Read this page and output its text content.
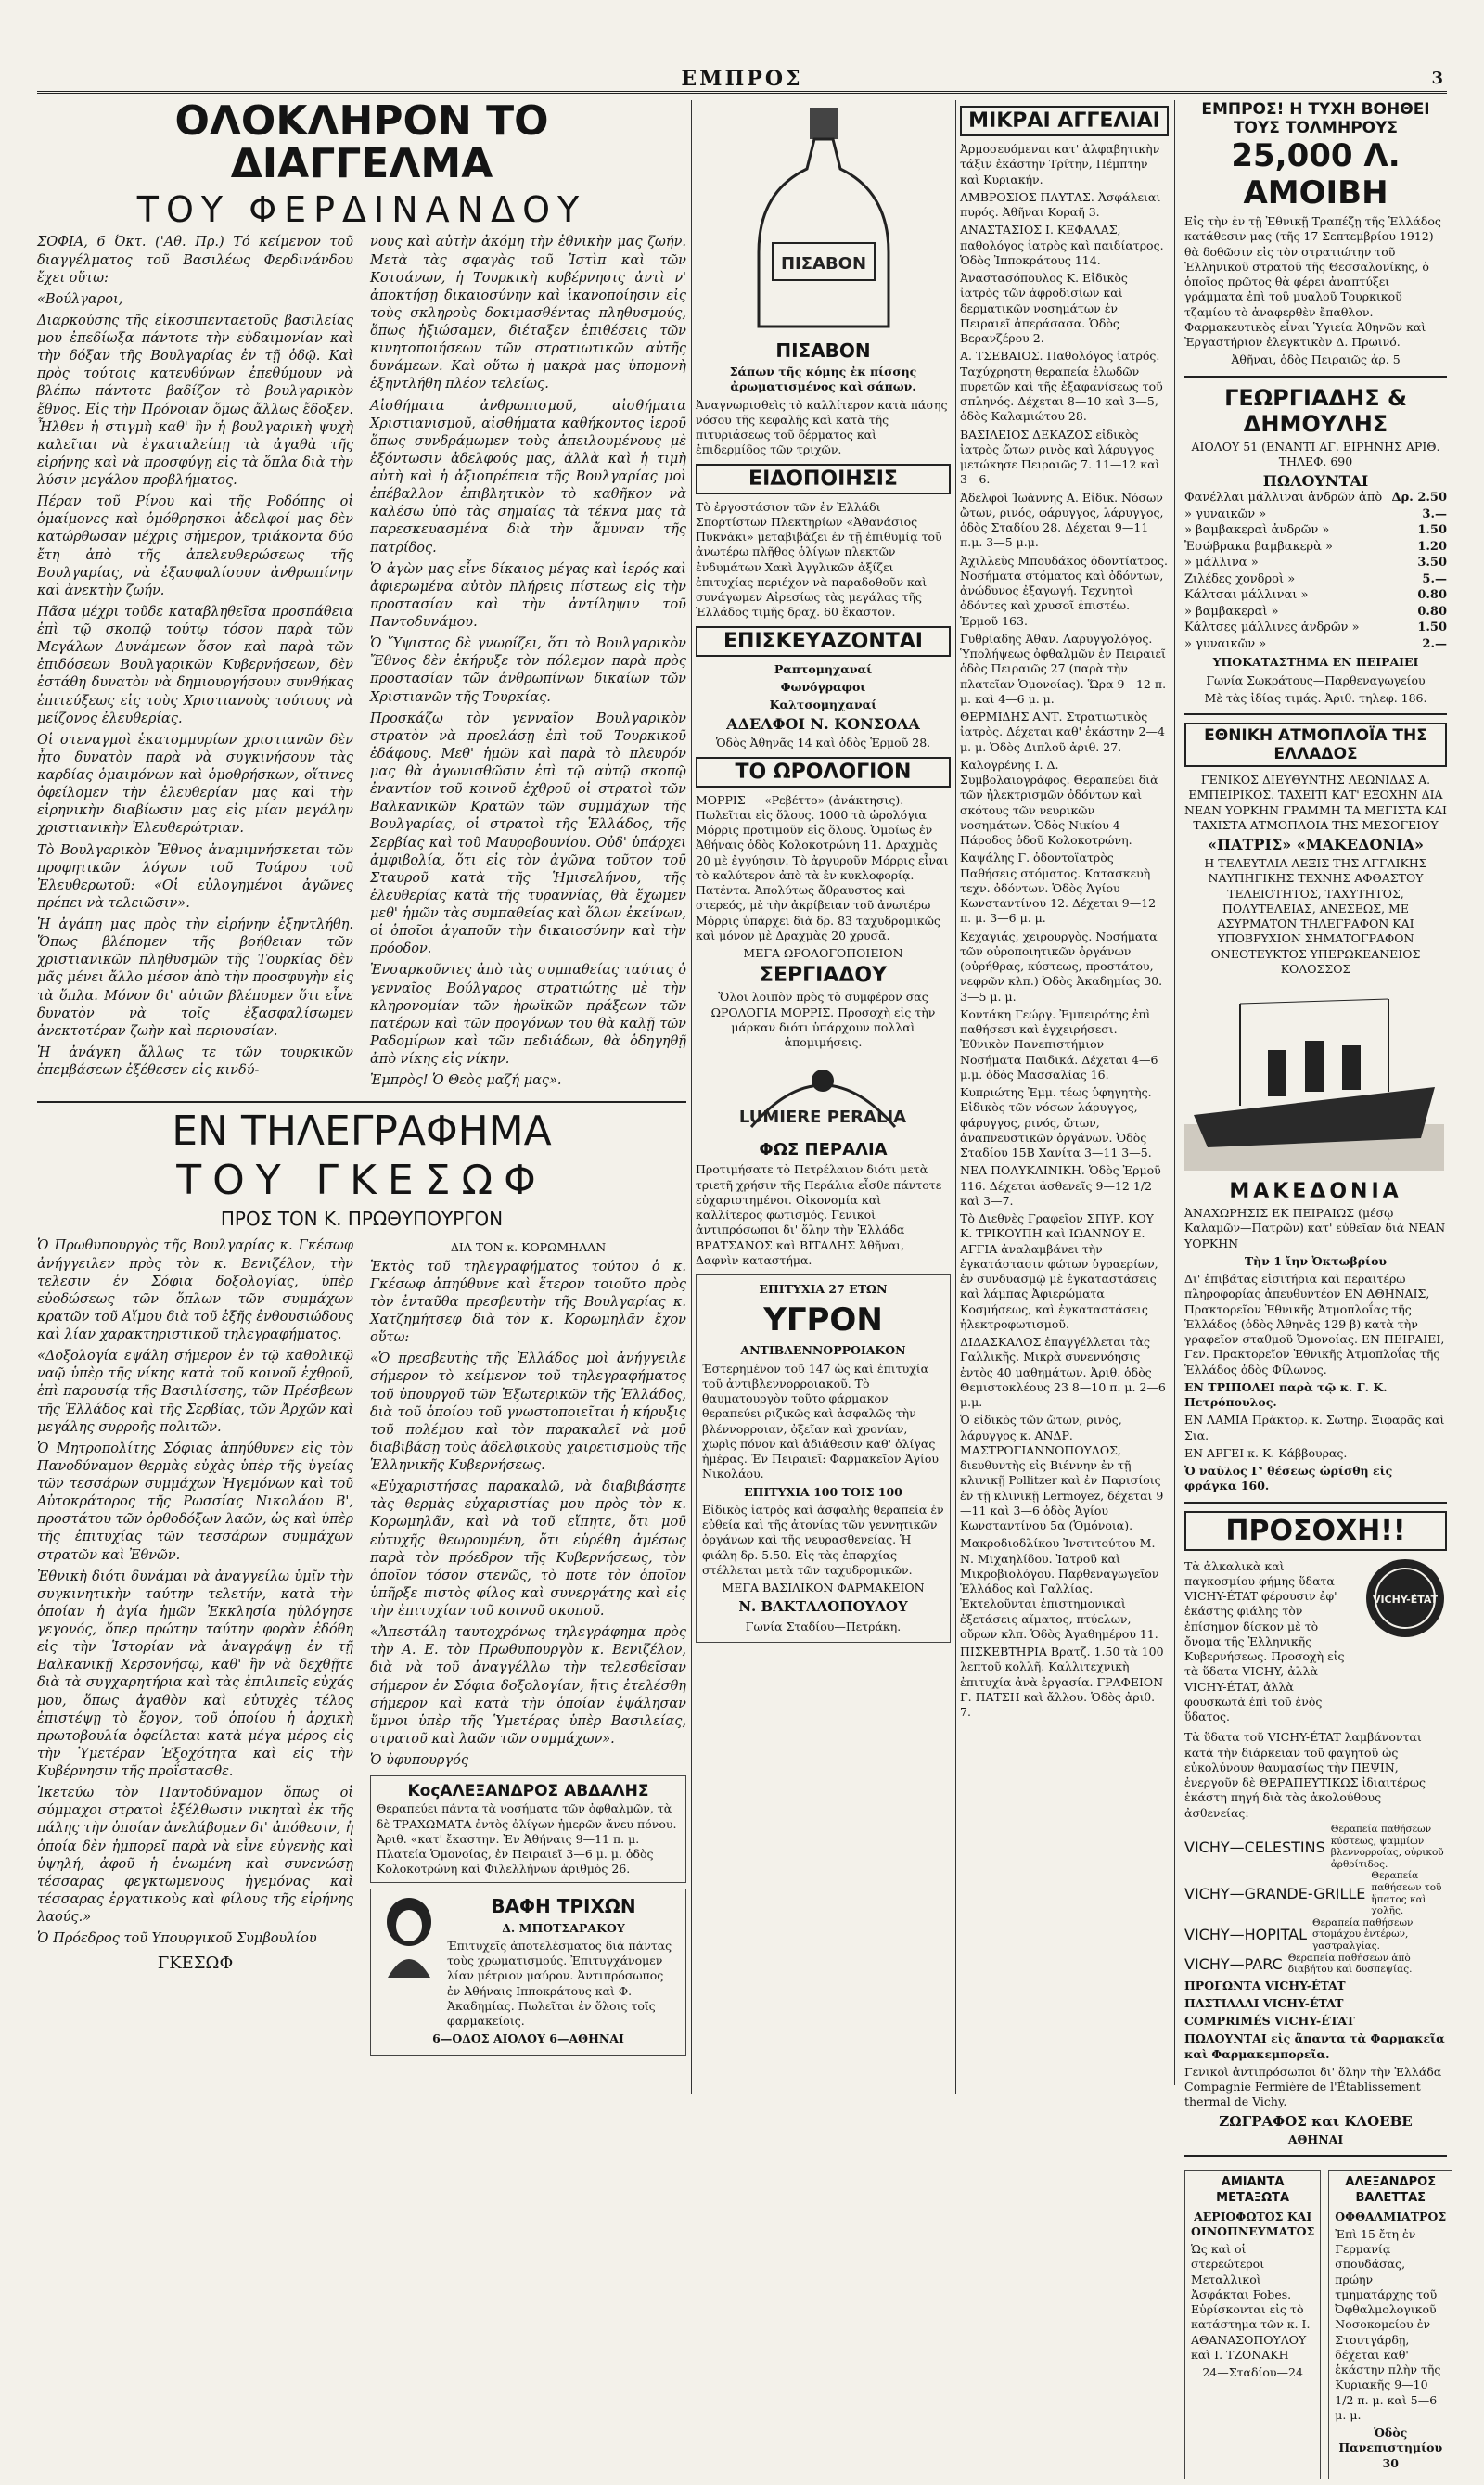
ΕΜΠΡΟΣ	3
ΟΛΟΚΛΗΡΟΝ ΤΟ ΔΙΑΓΓΕΛΜΑ
ΤΟΥ ΦΕΡΔΙΝΑΝΔΟΥ

ΣΟΦΙΑ, 6 Όκτ. ('Αθ. Πρ.) Τό κείμενον τοῦ διαγγέλματος τοῦ Βασιλέως Φερδινάνδου ἔχει οὕτω:

«Βούλγαροι,

Διαρκούσης τῆς εἰκοσιπενταετοῦς βασιλείας μου ἐπεδίωξα πάντοτε τὴν εὐδαιμονίαν καὶ τὴν δόξαν τῆς Βουλγαρίας ἐν τῇ ὁδῷ. Καὶ πρὸς τούτοις κατευθύνων ἐπεθύμουν νὰ βλέπω πάντοτε βαδίζον τὸ βουλγαρικὸν ἔθνος. Εἰς τὴν Πρόνοιαν ὅμως ἄλλως ἔδοξεν. Ἦλθεν ἡ στιγμὴ καθ' ἣν ἡ βουλγαρικὴ ψυχὴ καλεῖται νὰ ἐγκαταλείπῃ τὰ ἀγαθὰ τῆς εἰρήνης καὶ νὰ προσφύγῃ εἰς τὰ ὅπλα διὰ τὴν λύσιν μεγάλου προβλήματος.

Πέραν τοῦ Ρίνου καὶ τῆς Ροδόπης οἱ ὁμαίμονες καὶ ὁμόθρησκοι ἀδελφοί μας δὲν κατώρθωσαν μέχρις σήμερον, τριάκοντα δύο ἔτη ἀπὸ τῆς ἀπελευθερώσεως τῆς Βουλγαρίας, νὰ ἐξασφαλίσουν ἀνθρωπίνην καὶ ἀνεκτὴν ζωήν.

Πᾶσα μέχρι τοῦδε καταβληθεῖσα προσπάθεια ἐπὶ τῷ σκοπῷ τούτῳ τόσον παρὰ τῶν Μεγάλων Δυνάμεων ὅσον καὶ παρὰ τῶν ἐπιδόσεων Βουλγαρικῶν Κυβερνήσεων, δὲν ἐστάθη δυνατὸν νὰ δημιουργήσουν συνθήκας ἐπιτεύξεως εἰς τοὺς Χριστιανοὺς τούτους νὰ μείζονος ἐλευθερίας.

Οἱ στεναγμοὶ ἑκατομμυρίων χριστιανῶν δὲν ἦτο δυνατὸν παρὰ νὰ συγκινήσουν τὰς καρδίας ὁμαιμόνων καὶ ὁμοθρήσκων, οἵτινες ὀφείλομεν τὴν ἐλευθερίαν μας καὶ τὴν εἰρηνικὴν διαβίωσιν μας εἰς μίαν μεγάλην χριστιανικὴν Ἐλευθερώτριαν.

Τὸ Βουλγαρικὸν Ἔθνος ἀναμιμνήσκεται τῶν προφητικῶν λόγων τοῦ Τσάρου τοῦ Ἐλευθερωτοῦ: «Οἱ εὐλογημένοι ἀγῶνες πρέπει νὰ τελειῶσιν».

Ἡ ἀγάπη μας πρὸς τὴν εἰρήνην ἐξηντλήθη. Ὅπως βλέπομεν τῆς βοήθειαν τῶν χριστιανικῶν πληθυσμῶν τῆς Τουρκίας δὲν μᾶς μένει ἄλλο μέσον ἀπὸ τὴν προσφυγὴν εἰς τὰ ὅπλα. Μόνον δι' αὐτῶν βλέπομεν ὅτι εἶνε δυνατὸν νὰ τοῖς ἐξασφαλίσωμεν ἀνεκτοτέραν ζωὴν καὶ περιουσίαν.

Ἡ ἀνάγκη ἄλλως τε τῶν τουρκικῶν ἐπεμβάσεων ἐξέθεσεν εἰς κινδύ-

νους καὶ αὐτὴν ἀκόμη τὴν ἐθνικὴν μας ζωήν. Μετὰ τὰς σφαγὰς τοῦ Ἰστὶπ καὶ τῶν Κοτσάνων, ἡ Τουρκικὴ κυβέρνησις ἀντὶ ν' ἀποκτήσῃ δικαιοσύνην καὶ ἱκανοποίησιν εἰς τοὺς σκληροὺς δοκιμασθέντας πληθυσμούς, ὅπως ἡξιώσαμεν, διέταξεν ἐπιθέσεις τῶν κινητοποιήσεων τῶν στρατιωτικῶν αὐτῆς δυνάμεων. Καὶ οὕτω ἡ μακρὰ μας ὑπομονὴ ἐξηντλήθη πλέον τελείως.

Αἰσθήματα ἀνθρωπισμοῦ, αἰσθήματα Χριστιανισμοῦ, αἰσθήματα καθήκοντος ἱεροῦ ὅπως συνδράμωμεν τοὺς ἀπειλουμένους μὲ ἐξόντωσιν ἀδελφούς μας, ἀλλὰ καὶ ἡ τιμὴ αὐτὴ καὶ ἡ ἀξιοπρέπεια τῆς Βουλγαρίας μοὶ ἐπέβαλλον ἐπιβλητικὸν τὸ καθῆκον νὰ καλέσω ὑπὸ τὰς σημαίας τὰ τέκνα μας τὰ παρεσκευασμένα διὰ τὴν ἄμυναν τῆς πατρίδος.

Ὁ ἀγὼν μας εἶνε δίκαιος μέγας καὶ ἱερός καὶ ἀφιερωμένα αὐτὸν πλήρεις πίστεως εἰς τὴν προστασίαν καὶ τὴν ἀντίληψιν τοῦ Παντοδυνάμου.

Ὁ Ὕψιστος δὲ γνωρίζει, ὅτι τὸ Βουλγαρικὸν Ἔθνος δὲν ἐκήρυξε τὸν πόλεμον παρὰ πρὸς προστασίαν τῶν ἀνθρωπίνων δικαίων τῶν Χριστιανῶν τῆς Τουρκίας.

Προσκάζω τὸν γενναῖον Βουλγαρικὸν στρατὸν νὰ προελάσῃ ἐπὶ τοῦ Τουρκικοῦ ἐδάφους. Μεθ' ἡμῶν καὶ παρὰ τὸ πλευρόν μας θὰ ἀγωνισθῶσιν ἐπὶ τῷ αὐτῷ σκοπῷ ἐναντίον τοῦ κοινοῦ ἐχθροῦ οἱ στρατοὶ τῶν Βαλκανικῶν Κρατῶν τῶν συμμάχων τῆς Βουλγαρίας, οἱ στρατοὶ τῆς Ἑλλάδος, τῆς Σερβίας καὶ τοῦ Μαυροβουνίου. Οὐδ' ὑπάρχει ἀμφιβολία, ὅτι εἰς τὸν ἀγῶνα τοῦτον τοῦ Σταυροῦ κατὰ τῆς Ἡμισελήνου, τῆς ἐλευθερίας κατὰ τῆς τυραννίας, θὰ ἔχωμεν μεθ' ἡμῶν τὰς συμπαθείας καὶ ὅλων ἐκείνων, οἱ ὁποῖοι ἀγαποῦν τὴν δικαιοσύνην καὶ τὴν πρόοδον.

Ἐνσαρκοῦντες ἀπὸ τὰς συμπαθείας ταύτας ὁ γενναῖος Βούλγαρος στρατιώτης μὲ τὴν κληρονομίαν τῶν ἡρωϊκῶν πράξεων τῶν πατέρων καὶ τῶν προγόνων του θὰ καλῇ τῶν Ραδομίρων καὶ τῶν πεδιάδων, θὰ ὁδηγηθῇ ἀπὸ νίκης εἰς νίκην.

Ἐμπρὸς! Ὁ Θεὸς μαζή μας».

ΕΝ ΤΗΛΕΓΡΑΦΗΜΑ
ΤΟΥ ΓΚΕΣΩΦ
ΠΡΟΣ ΤΟΝ Κ. ΠΡΩΘΥΠΟΥΡΓΟΝ

Ὁ Πρωθυπουργὸς τῆς Βουλγαρίας κ. Γκέσωφ ἀνήγγειλεν πρὸς τὸν κ. Βενιζέλον, τὴν τελεσιν ἐν Σόφια δοξολογίας, ὑπὲρ εὐοδώσεως τῶν ὅπλων τῶν συμμάχων κρατῶν τοῦ Αἵμου διὰ τοῦ ἑξῆς ἐνθουσιώδους καὶ λίαν χαρακτηριστικοῦ τηλεγραφήματος.

«Δοξολογία εψάλη σήμερον ἐν τῷ καθολικῷ ναῷ ὑπὲρ τῆς νίκης κατὰ τοῦ κοινοῦ ἐχθροῦ, ἐπὶ παρουσίᾳ τῆς Βασιλίσσης, τῶν Πρέσβεων τῆς Ἑλλάδος καὶ τῆς Σερβίας, τῶν Ἀρχῶν καὶ μεγάλης συρροῆς πολιτῶν.

Ὁ Μητροπολίτης Σόφιας ἀπηύθυνεν εἰς τὸν Πανοδύναμον θερμὰς εὐχὰς ὑπὲρ τῆς ὑγείας τῶν τεσσάρων συμμάχων Ἡγεμόνων καὶ τοῦ Αὐτοκράτορος τῆς Ρωσσίας Νικολάου Β', προστάτου τῶν ὀρθοδόξων λαῶν, ὡς καὶ ὑπὲρ τῆς ἐπιτυχίας τῶν τεσσάρων συμμάχων στρατῶν καὶ Ἐθνῶν.

Ἐθνικὴ διότι δυνάμαι νὰ ἀναγγείλω ὑμῖν τὴν συγκινητικὴν ταύτην τελετήν, κατὰ τὴν ὁποίαν ἡ ἁγία ἡμῶν Ἐκκλησία ηὐλόγησε γεγονός, ὅπερ πρώτην ταύτην φορὰν ἐδόθη εἰς τὴν Ἱστορίαν νὰ ἀναγράψῃ ἐν τῇ Βαλκανικῇ Χερσονήσῳ, καθ' ἣν νὰ δεχθῇτε διὰ τὰ συγχαρητήρια καὶ τὰς ἐπιλιπεῖς εὐχάς μου, ὅπως ἀγαθὸν καὶ εὐτυχὲς τέλος ἐπιστέψῃ τὸ ἔργον, τοῦ ὁποίου ἡ ἀρχικὴ πρωτοβουλία ὀφείλεται κατὰ μέγα μέρος εἰς τὴν Ὑμετέραν Ἐξοχότητα καὶ εἰς τὴν Κυβέρνησιν τῆς προΐστασθε.

Ἱκετεύω τὸν Παντοδύναμον ὅπως οἱ σύμμαχοι στρατοὶ ἐξέλθωσιν νικηταὶ ἐκ τῆς πάλης τὴν ὁποίαν ἀνελάβομεν δι' ἀπόθεσιν, ἡ ὁποία δὲν ἠμπορεῖ παρὰ νὰ εἶνε εὐγενὴς καὶ ὑψηλή, ἀφοῦ ἡ ἑνωμένη καὶ συνενώσῃ τέσσαρας φεγκτωμενους ἠγεμόνας καὶ τέσσαρας ἐργατικοὺς καὶ φίλους τῆς εἰρήνης λαούς.»

Ὁ Πρόεδρος τοῦ Υπουργικοῦ Συμβουλίου

ΓΚΕΣΩΦ
ΔΙΑ ΤΟΝ κ. ΚΟΡΩΜΗΛΑΝ

Ἐκτὸς τοῦ τηλεγραφήματος τούτου ὁ κ. Γκέσωφ ἀπηύθυνε καὶ ἕτερον τοιοῦτο πρὸς τὸν ἐνταῦθα πρεσβευτὴν τῆς Βουλγαρίας κ. Χατζημήτσεφ διὰ τὸν κ. Κορωμηλᾶν ἔχον οὕτω:

«Ὁ πρεσβευτὴς τῆς Ἑλλάδος μοὶ ἀνήγγειλε σήμερον τὸ κείμενον τοῦ τηλεγραφήματος τοῦ ὑπουργοῦ τῶν Ἐξωτερικῶν τῆς Ἑλλάδος, διὰ τοῦ ὁποίου τοῦ γνωστοποιεῖται ἡ κήρυξις τοῦ πολέμου καὶ τὸν παρακαλεῖ νὰ μοῦ διαβιβάσῃ τοὺς ἀδελφικοὺς χαιρετισμοὺς τῆς Ἑλληνικῆς Κυβερνήσεως.

«Εὐχαριστήσας παρακαλῶ, νὰ διαβιβάσητε τὰς θερμὰς εὐχαριστίας μου πρὸς τὸν κ. Κορωμηλᾶν, καὶ νὰ τοῦ εἴπητε, ὅτι μοῦ εὐτυχῆς θεωρουμένη, ὅτι εὑρέθη ἀμέσως παρὰ τὸν πρόεδρον τῆς Κυβερνήσεως, τὸν ὁποῖον τόσον στενῶς, τὸ ποτε τὸν ὁποῖον ὑπῆρξε πιστὸς φίλος καὶ συνεργάτης καὶ εἰς τὴν ἐπιτυχίαν τοῦ κοινοῦ σκοποῦ.

«Ἀπεστάλη ταυτοχρόνως τηλεγράφημα πρὸς τὴν Α. Ε. τὸν Πρωθυπουργὸν κ. Βενιζέλον, διὰ νὰ τοῦ ἀναγγέλλω τὴν τελεσθεῖσαν σήμερον ἐν Σόφια δοξολογίαν, ἥτις ἐτελέσθη σήμερον καὶ κατὰ τὴν ὁποίαν ἐψάλησαν ὕμνοι ὑπὲρ τῆς Ὑμετέρας ὑπὲρ Βασιλείας, στρατοῦ καὶ λαῶν τῶν συμμάχων».

Ὁ ὑφυπουργός

ΚοςΑΛΕΞΑΝΔΡΟΣ ΑΒΔΑΛΗΣ
Θεραπεύει πάντα τὰ νοσήματα τῶν ὀφθαλμῶν, τὰ δὲ ΤΡΑΧΩΜΑΤΑ ἐντὸς ὀλίγων ἡμερῶν ἄνευ πόνου. Ἀριθ. «κατ' ἔκαστην. Ἐν Ἀθήναις 9—11 π. μ. Πλατεία Ὁμονοίας, ἐν Πειραιεῖ 3—6 μ. μ. ὁδὸς Κολοκοτρώνη καὶ Φιλελλήνων ἀριθμὸς 26.
ΒΑΦΗ ΤΡΙΧΩΝ
Δ. ΜΠΟΤΣΑΡΑΚΟΥ
Ἐπιτυχεῖς ἀποτελέσματος διὰ πάντας τοὺς χρωματισμούς. Ἐπιτυγχάνομεν λίαν μέτριον μαύρον. Ἀντιπρόσωπος ἐν Ἀθήναις Ιπποκράτους καὶ Φ. Ἀκαδημίας. Πωλεῖται ἐν ὅλοις τοῖς φαρμακείοις.
6—ΟΔΟΣ ΑΙΟΛΟΥ 6—ΑΘΗΝΑΙ
ΠΙΣΑΒΟΝ
ΠΙΣΑΒΟΝ
Σάπων τῆς κόμης ἐκ πίσσης ἀρωματισμένος καὶ σάπων.
Ἀναγνωρισθεὶς τὸ καλλίτερον κατὰ πάσης νόσου τῆς κεφαλῆς καὶ κατὰ τῆς πιτυριάσεως τοῦ δέρματος καὶ ἐπιδερμίδος τῶν τριχῶν.
ΕΙΔΟΠΟΙΗΣΙΣ
Τὸ ἐργοστάσιον τῶν ἐν Ἑλλάδι Σπορτίστων Πλεκτηρίων «Ἀθανάσιος Πυκνάκι» μεταβιβάζει ἐν τῇ ἐπιθυμίᾳ τοῦ ἀνωτέρω πλῆθος ὁλίγων πλεκτῶν ἐνδυμάτων Χακὶ Ἀγγλικῶν ἀξίζει ἐπιτυχίας περιέχον νὰ παραδοθοῦν καὶ συνάγωμεν Αἰρεσίως τὰς μεγάλας τῆς Ἑλλάδος τιμῆς δραχ. 60 ἕκαστον.
ΕΠΙΣΚΕΥΑΖΟΝΤΑΙ
Ραπτομηχαναί
Φωνόγραφοι
Καλτσομηχαναί
ΑΔΕΛΦΟΙ Ν. ΚΟΝΣΟΛΑ
Ὁδὸς Ἀθηνᾶς 14 καὶ ὁδὸς Ἑρμοῦ 28.
ΤΟ ΩΡΟΛΟΓΙΟΝ
ΜΟΡΡΙΣ — «Ρεβέττο» (ἀνάκτησις). Πωλεῖται εἰς ὅλους. 1000 τὰ ὡρολόγια Μόρρις προτιμοῦν εἰς ὅλους. Ὁμοίως ἐν Ἀθήναις ὁδὸς Κολοκοτρώνη 11. Δραχμὰς 20 μὲ ἐγγύησιν. Τὸ ἀργυροῦν Μόρρις εἶναι τὸ καλύτερον ἀπὸ τὰ ἐν κυκλοφορίᾳ. Πατέντα. Ἀπολύτως ἄθραυστος καὶ στερεός, μὲ τὴν ἀκρίβειαν τοῦ ἀνωτέρω Μόρρις ὑπάρχει διὰ δρ. 83 ταχυδρομικῶς καὶ μόνον μὲ Δραχμὰς 20 χρυσᾶ.
ΜΕΓΑ ΩΡΟΛΟΓΟΠΟΙΕΙΟΝ
ΣΕΡΓΙΑΔΟΥ
Ὅλοι λοιπὸν πρὸς τὸ συμφέρον σας ΩΡΟΛΟΓΙΑ ΜΟΡΡΙΣ. Προσοχὴ εἰς τὴν μάρκαν διότι ὑπάρχουν πολλαὶ ἀπομιμήσεις.
LUMIERE PERALIA
ΦΩΣ ΠΕΡΑΛΙΑ
Προτιμήσατε τὸ Πετρέλαιον διότι μετὰ τριετῆ χρήσιν τῆς Περάλια εἶσθε πάντοτε εὐχαριστημένοι. Οἰκονομία καὶ καλλίτερος φωτισμός. Γενικοὶ ἀντιπρόσωποι δι' ὅλην τὴν Ἑλλάδα ΒΡΑΤΣΑΝΟΣ καὶ ΒΙΤΑΛΗΣ Ἀθῆναι, Δαφνὶν καταστήμα.
ΕΠΙΤΥΧΙΑ 27 ΕΤΩΝ
ΥΓΡΟΝ
ΑΝΤΙΒΛΕΝΝΟΡΡΟΙΑΚΟΝ
Ἐστερημένον τοῦ 147 ὡς καὶ ἐπιτυχία τοῦ ἀντιβλεννορροιακοῦ. Τὸ θαυματουργὸν τοῦτο φάρμακον θεραπεύει ριζικῶς καὶ ἀσφαλῶς τὴν βλέννορροιαν, ὀξεῖαν καὶ χρονίαν, χωρὶς πόνον καὶ ἀδιάθεσιν καθ' ὁλίγας ἡμέρας. Ἐν Πειραιεῖ: Φαρμακεῖον Ἁγίου Νικολάου.
ΕΠΙΤΥΧΙΑ 100 ΤΟΙΣ 100
Εἰδικὸς ἰατρὸς καὶ ἀσφαλὴς θεραπεία ἐν εὐθείᾳ καὶ τῆς ἀτονίας τῶν γεννητικῶν ὀργάνων καὶ τῆς νευρασθενείας. Ἡ φιάλη δρ. 5.50. Εἰς τὰς ἐπαρχίας στέλλεται μετὰ τῶν ταχυδρομικῶν.
ΜΕΓΑ ΒΑΣΙΛΙΚΟΝ ΦΑΡΜΑΚΕΙΟΝ
Ν. ΒΑΚΤΑΛΟΠΟΥΛΟΥ
Γωνία Σταδίου—Πετράκη.
ΜΙΚΡΑΙ ΑΓΓΕΛΙΑΙ
Ἀρμοσευόμεναι κατ' ἀλφαβητικὴν τάξιν ἑκάστην Τρίτην, Πέμπτην καὶ Κυριακήν.
ΑΜΒΡΟΣΙΟΣ ΠΑΥΤΑΣ. Ἀσφάλειαι πυρός. Ἀθῆναι Κοραῆ 3.
ΑΝΑΣΤΑΣΙΟΣ Ι. ΚΕΦΑΛΑΣ, παθολόγος ἰατρὸς καὶ παιδίατρος. Ὁδὸς Ἰπποκράτους 114.
Ἀναστασόπουλος Κ. Εἰδικὸς ἰατρὸς τῶν ἀφροδισίων καὶ δερματικῶν νοσημάτων ἐν Πειραιεῖ ἀπεράσασα. Ὁδὸς Βερανζέρου 2.
Α. ΤΣΕΒΑΙΟΣ. Παθολόγος ἰατρός. Ταχύχρηστη θεραπεία ἐλωδῶν πυρετῶν καὶ τῆς ἐξαφανίσεως τοῦ σπληνός. Δέχεται 8—10 καὶ 3—5, ὁδὸς Καλαμιώτου 28.
ΒΑΣΙΛΕΙΟΣ ΔΕΚΑΖΟΣ εἰδικὸς ἰατρὸς ὤτων ρινὸς καὶ λάρυγγος μετώκησε Πειραιῶς 7. 11—12 καὶ 3—6.
Ἀδελφοὶ Ἰωάννης Α. Εἰδικ. Νόσων ὤτων, ρινός, φάρυγγος, λάρυγγος, ὁδὸς Σταδίου 28. Δέχεται 9—11 π.μ. 3—5 μ.μ.
Ἀχιλλεὺς Μπουδάκος ὀδοντίατρος. Νοσήματα στόματος καὶ ὀδόντων, ἀνώδυνος ἐξαγωγή. Τεχνητοὶ ὀδόντες καὶ χρυσοῖ ἐπιστέω. Ἑρμοῦ 163.
Γυθρίαδης Ἀθαν. Λαρυγγολόγος. Ὑπολήψεως ὀφθαλμῶν ἐν Πειραιεῖ ὁδὸς Πειραιῶς 27 (παρὰ τὴν πλατεῖαν Ὁμονοίας). Ὥρα 9—12 π. μ. καὶ 4—6 μ. μ.
ΘΕΡΜΙΔΗΣ ΑΝΤ. Στρατιωτικὸς ἰατρὸς. Δέχεται καθ' ἑκάστην 2—4 μ. μ. Ὁδὸς Διπλοῦ ἀριθ. 27.
Καλογρένης Ι. Δ. Συμβολαιογράφος. Θεραπεύει διὰ τῶν ἠλεκτρισμῶν ὀδόντων καὶ σκότους τῶν νευρικῶν νοσημάτων. Ὁδὸς Νικίου 4 Πάροδος ὁδοῦ Κολοκοτρώνη.
Καψάλης Γ. ὀδοντοϊατρὸς Παθήσεις στόματος. Κατασκευὴ τεχν. ὀδόντων. Ὁδὸς Ἁγίου Κωνσταντίνου 12. Δέχεται 9—12 π. μ. 3—6 μ. μ.
Κεχαγιάς, χειρουργὸς. Νοσήματα τῶν οὐροποιητικῶν ὀργάνων (οὐρήθρας, κύστεως, προστάτου, νεφρῶν κλπ.) Ὁδὸς Ἀκαδημίας 30. 3—5 μ. μ.
Κοντάκη Γεώργ. Ἐμπειρότης ἐπὶ παθήσεσι καὶ ἐγχειρήσεσι. Ἐθνικὸν Πανεπιστήμιον Νοσήματα Παιδικά. Δέχεται 4—6 μ.μ. ὁδὸς Μασσαλίας 16.
Κυπριώτης Ἐμμ. τέως ὑφηγητὴς. Εἰδικὸς τῶν νόσων λάρυγγος, φάρυγγος, ρινός, ὤτων, ἀναπνευστικῶν ὀργάνων. Ὁδὸς Σταδίου 15Β Χανίτα 3—11 3—5.
ΝΕΑ ΠΟΛΥΚΛΙΝΙΚΗ. Ὁδὸς Ἑρμοῦ 116. Δέχεται ἀσθενεῖς 9—12 1/2 καὶ 3—7.
Τὸ Διεθνὲς Γραφεῖον ΣΠΥΡ. ΚΟΥ Κ. ΤΡΙΚΟΥΠΗ καὶ ΙΩΑΝΝΟΥ Ε. ΑΓΓΙΑ ἀναλαμβάνει τὴν ἐγκατάστασιν φώτων ὑγραερίων, ἐν συνδυασμῷ μὲ ἐγκαταστάσεις καὶ λάμπας Ἀφιερώματα Κοσμήσεως, καὶ ἐγκαταστάσεις ἡλεκτροφωτισμοῦ.
ΔΙΔΑΣΚΑΛΟΣ ἐπαγγέλλεται τὰς Γαλλικῆς. Μικρὰ συνεννόησις ἐντὸς 40 μαθημάτων. Ἀριθ. ὁδὸς Θεμιστοκλέους 23 8—10 π. μ. 2—6 μ.μ.
Ὁ εἰδικὸς τῶν ὤτων, ρινός, λάρυγγος κ. ΑΝΔΡ. ΜΑΣΤΡΟΓΙΑΝΝΟΠΟΥΛΟΣ, διευθυντὴς εἰς Βιέννην ἐν τῇ κλινικῇ Pollitzer καὶ ἐν Παρισίοις ἐν τῇ κλινικῇ Lermoyez, δέχεται 9—11 καὶ 3—6 ὁδὸς Ἁγίου Κωνσταντίνου 5α (Ὁμόνοια).
Μακροδιοδλίκου Ἰνστιτούτου Μ. Ν. Μιχαηλίδου. Ἰατροῦ καὶ Μικροβιολόγου. Παρθεναγωγεῖον Ἑλλάδος καὶ Γαλλίας. Ἐκτελοῦνται ἐπιστημονικαὶ ἐξετάσεις αἵματος, πτύελων, οὔρων κλπ. Ὁδὸς Ἀγαθημέρου 11.
ΠΙΣΚΕΒΤΗΡΙΑ Βρατζ. 1.50 τὰ 100 λεπτοῦ κολλῆ. Καλλιτεχνικὴ ἐπιτυχία ἀνὰ ἐργασία. ΓΡΑΦΕΙΟΝ Γ. ΠΑΤΣΗ καὶ ἄλλου. Ὁδὸς ἀριθ. 7.
ΕΜΠΡΟΣ! Η ΤΥΧΗ ΒΟΗΘΕΙ ΤΟΥΣ ΤΟΛΜΗΡΟΥΣ
25,000 Λ. ΑΜΟΙΒΗ
Εἰς τὴν ἐν τῇ Ἐθνικῇ Τραπέζῃ τῆς Ἑλλάδος κατάθεσιν μας (τῆς 17 Σεπτεμβρίου 1912) θὰ δοθῶσιν εἰς τὸν στρατιώτην τοῦ Ἑλληνικοῦ στρατοῦ τῆς Θεσσαλονίκης, ὁ ὁποῖος πρῶτος θὰ φέρει ἀναπτύξει γράμματα ἐπὶ τοῦ μυαλοῦ Τουρκικοῦ τζαμίου τὸ ἀναφερθὲν ἔπαθλον. Φαρμακευτικὸς εἶναι Ὑγιεία Ἀθηνῶν καὶ Ἐργαστήριον ἐλεγκτικὸν Δ. Πρωινό.
Ἀθῆναι, ὁδὸς Πειραιῶς ἀρ. 5
ΓΕΩΡΓΙΑΔΗΣ & ΔΗΜΟΥΛΗΣ
ΑΙΟΛΟΥ 51 (ΕΝΑΝΤΙ ΑΓ. ΕΙΡΗΝΗΣ ΑΡΙΘ. ΤΗΛΕΦ. 690
ΠΩΛΟΥΝΤΑΙ
Φανέλλαι μάλλιναι ἀνδρῶν ἀπὸ Δρ. 2.50
» γυναικῶν »	3.—
» βαμβακεραὶ ἀνδρῶν »	1.50
Ἐσώβρακα βαμβακερὰ »	1.20
» μάλλινα »	3.50
Ζιλέδες χονδροὶ »	5.—
Κάλτσαι μάλλιναι »	0.80
» βαμβακεραὶ »	0.80
Κάλτσες μάλλινες ἀνδρῶν »	1.50
» γυναικῶν »	2.—
ΥΠΟΚΑΤΑΣΤΗΜΑ ΕΝ ΠΕΙΡΑΙΕΙ
Γωνία Σωκράτους—Παρθεναγωγείου
Μὲ τὰς ἰδίας τιμάς. Ἀριθ. τηλεφ. 186.
ΕΘΝΙΚΗ ΑΤΜΟΠΛΟΪΑ ΤΗΣ ΕΛΛΑΔΟΣ
ΓΕΝΙΚΟΣ ΔΙΕΥΘΥΝΤΗΣ ΛΕΩΝΙΔΑΣ Α. ΕΜΠΕΙΡΙΚΟΣ. ΤΑΧΕΙΤΙ ΚΑΤ' ΕΞΟΧΗΝ ΔΙΑ ΝΕΑΝ ΥΟΡΚΗΝ ΓΡΑΜΜΗ ΤΑ ΜΕΓΙΣΤΑ ΚΑΙ ΤΑΧΙΣΤΑ ΑΤΜΟΠΛΟΙΑ ΤΗΣ ΜΕΣΟΓΕΙΟΥ
«ΠΑΤΡΙΣ» «ΜΑΚΕΔΟΝΙΑ»
Η ΤΕΛΕΥΤΑΙΑ ΛΕΞΙΣ ΤΗΣ ΑΓΓΛΙΚΗΣ ΝΑΥΠΗΓΙΚΗΣ ΤΕΧΝΗΣ ΑΦΘΑΣΤΟΥ ΤΕΛΕΙΟΤΗΤΟΣ, ΤΑΧΥΤΗΤΟΣ, ΠΟΛΥΤΕΛΕΙΑΣ, ΑΝΕΣΕΩΣ, ΜΕ ΑΣΥΡΜΑΤΟΝ ΤΗΛΕΓΡΑΦΟΝ ΚΑΙ ΥΠΟΒΡΥΧΙΟΝ ΣΗΜΑΤΟΓΡΑΦΟΝ ΟΝΕΟΤΕΥΚΤΟΣ ΥΠΕΡΩΚΕΑΝΕΙΟΣ ΚΟΛΟΣΣΟΣ
ΜΑΚΕΔΟΝΙΑ
ἈΝΑΧΩΡΗΣΙΣ ΕΚ ΠΕΙΡΑΙΩΣ (μέσῳ Καλαμῶν—Πατρῶν) κατ' εὐθεῖαν διὰ ΝΕΑΝ ΥΟΡΚΗΝ
Τὴν 1 ἴην Ὀκτωβρίου
Δι' ἐπιβάτας εἰσιτήρια καὶ περαιτέρω πληροφορίας ἀπευθυντέον ΕΝ ΑΘΗΝΑΙΣ, Πρακτορεῖον Ἐθνικῆς Ἀτμοπλοΐας τῆς Ἑλλάδος (ὁδὸς Ἀθηνᾶς 129 β) κατὰ τὴν γραφεῖον σταθμοῦ Ὁμονοίας. ΕΝ ΠΕΙΡΑΙΕΙ, Γεν. Πρακτορεῖον Ἐθνικῆς Ἀτμοπλοΐας τῆς Ἑλλάδος ὁδὸς Φίλωνος.
ΕΝ ΤΡΙΠΟΛΕΙ παρὰ τῷ κ. Γ. Κ. Πετρόπουλος.
ΕΝ ΛΑΜΙΑ Πράκτορ. κ. Σωτηρ. Ξιφαρᾶς καὶ Σια.
ΕΝ ΑΡΓΕΙ κ. Κ. Κάββουρας.
Ὁ ναῦλος Γ' θέσεως ὡρίσθη εἰς φράγκα 160.
ΠΡΟΣΟΧΗ!!
Τὰ ἀλκαλικὰ καὶ παγκοσμίου φήμης ὕδατα VICHY-ÉTAT φέρουσιν ἐφ' ἑκάστης φιάλης τὸν ἐπίσημον δίσκον μὲ τὸ ὄνομα τῆς Ἑλληνικῆς Κυβερνήσεως. Προσοχὴ εἰς τὰ ὕδατα VICHY, ἀλλὰ VICHY-ÉTAT, ἀλλὰ φουσκωτὰ ἐπὶ τοῦ ἑνὸς ὕδατος.
VICHY-ÉTAT
Τὰ ὕδατα τοῦ VICHY-ÉTAT λαμβάνονται κατὰ τὴν διάρκειαν τοῦ φαγητοῦ ὡς εὐκολύνουν θαυμασίως τὴν ΠΕΨΙΝ, ἐνεργοῦν δὲ ΘΕΡΑΠΕΥΤΙΚΩΣ ἰδιαιτέρως ἑκάστη πηγή διὰ τὰς ἀκολούθους ἀσθενείας:
VICHY—CELESTINS
Θεραπεία παθήσεων κύστεως, ψαμμίων βλεννορροίας, οὐρικοῦ ἀρθρίτιδος.
VICHY—GRANDE-GRILLE
Θεραπεία παθήσεων τοῦ ἥπατος καὶ χολῆς.
VICHY—HOPITAL
Θεραπεία παθήσεων στομάχου ἐντέρων, γαστραλγίας.
VICHY—PARC Θεραπεία παθήσεων ἀπὸ διαβήτου καὶ δυσπεψίας.
ΠΡΟΓΩΝΤΑ VICHY-ÉTAT
ΠΑΣΤΙΛΛΑΙ VICHY-ÉTAT
COMPRIMÉS VICHY-ÉTAT
ΠΩΛΟΥΝΤΑΙ εἰς ἅπαντα τὰ Φαρμακεῖα καὶ Φαρμακεμπορεῖα.
Γενικοὶ ἀντιπρόσωποι δι' ὅλην τὴν Ἑλλάδα Compagnie Fermière de l'Établissement thermal de Vichy.
ΖΩΓΡΑΦΟΣ και ΚΛΟΕΒΕ
ΑΘΗΝΑΙ
ΑΜΙΑΝΤΑ ΜΕΤΑΞΩΤΑ
ΑΕΡΙΟΦΩΤΟΣ ΚΑΙ ΟΙΝΟΠΝΕΥΜΑΤΟΣ
Ὡς καὶ οἱ στερεώτεροι Μεταλλικοὶ Ἀσφάκται Fobes. Εὑρίσκονται εἰς τὸ κατάστημα τῶν κ. Ι. ΑΘΑΝΑΣΟΠΟΥΛΟΥ καὶ Ι. ΤΖΟΝΑΚΗ
24—Σταδίου—24
ΑΛΕΞΑΝΔΡΟΣ ΒΑΛΕΤΤΑΣ
ΟΦΘΑΛΜΙΑΤΡΟΣ
Ἐπὶ 15 ἔτη ἐν Γερμανίᾳ σπουδάσας, πρώην τμηματάρχης τοῦ Ὀφθαλμολογικοῦ Νοσοκομείου ἐν Στουτγάρδῃ, δέχεται καθ' ἑκάστην πλὴν τῆς Κυριακῆς 9—10 1/2 π. μ. καὶ 5—6 μ. μ.
Ὁδὸς Πανεπιστημίου 30
